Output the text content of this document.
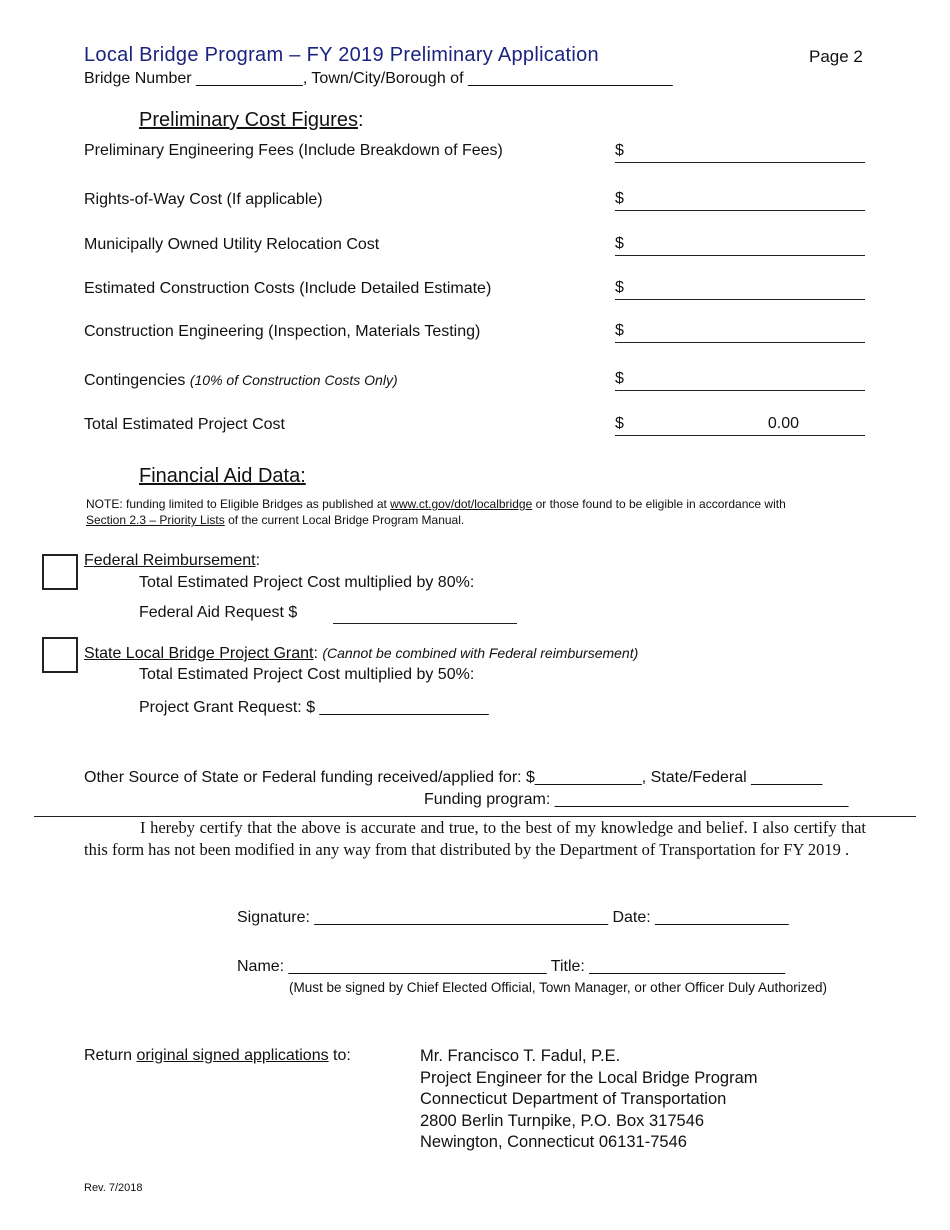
Local Bridge Program – FY 2019 Preliminary Application	Page 2
Bridge Number ____________, Town/City/Borough of _______________________
Preliminary Cost Figures:
Preliminary Engineering Fees (Include Breakdown of Fees)	$
Rights-of-Way Cost (If applicable)	$
Municipally Owned Utility Relocation Cost	$
Estimated Construction Costs (Include Detailed Estimate)	$
Construction Engineering (Inspection, Materials Testing)	$
Contingencies (10% of Construction Costs Only)	$
Total Estimated Project Cost	$	0.00
Financial Aid Data:
NOTE: funding limited to Eligible Bridges as published at www.ct.gov/dot/localbridge or those found to be eligible in accordance with
Section 2.3 – Priority Lists of the current Local Bridge Program Manual.
Federal Reimbursement:
Total Estimated Project Cost multiplied by 80%:
Federal Aid Request $
State Local Bridge Project Grant: (Cannot be combined with Federal reimbursement)
Total Estimated Project Cost multiplied by 50%:
Project Grant Request: $ ___________________
Other Source of State or Federal funding received/applied for: $____________, State/Federal ________
Funding program: _________________________________
I hereby certify that the above is accurate and true, to the best of my knowledge and belief. I also certify that this form has not been modified in any way from that distributed by the Department of Transportation for FY 2019 .
Signature: _________________________________ Date: _______________
Name: _____________________________ Title: ______________________
(Must be signed by Chief Elected Official, Town Manager, or other Officer Duly Authorized)
Return original signed applications to:	Mr. Francisco T. Fadul, P.E.
Project Engineer for the Local Bridge Program
Connecticut Department of Transportation
2800 Berlin Turnpike, P.O. Box 317546
Newington, Connecticut 06131-7546
Rev. 7/2018
